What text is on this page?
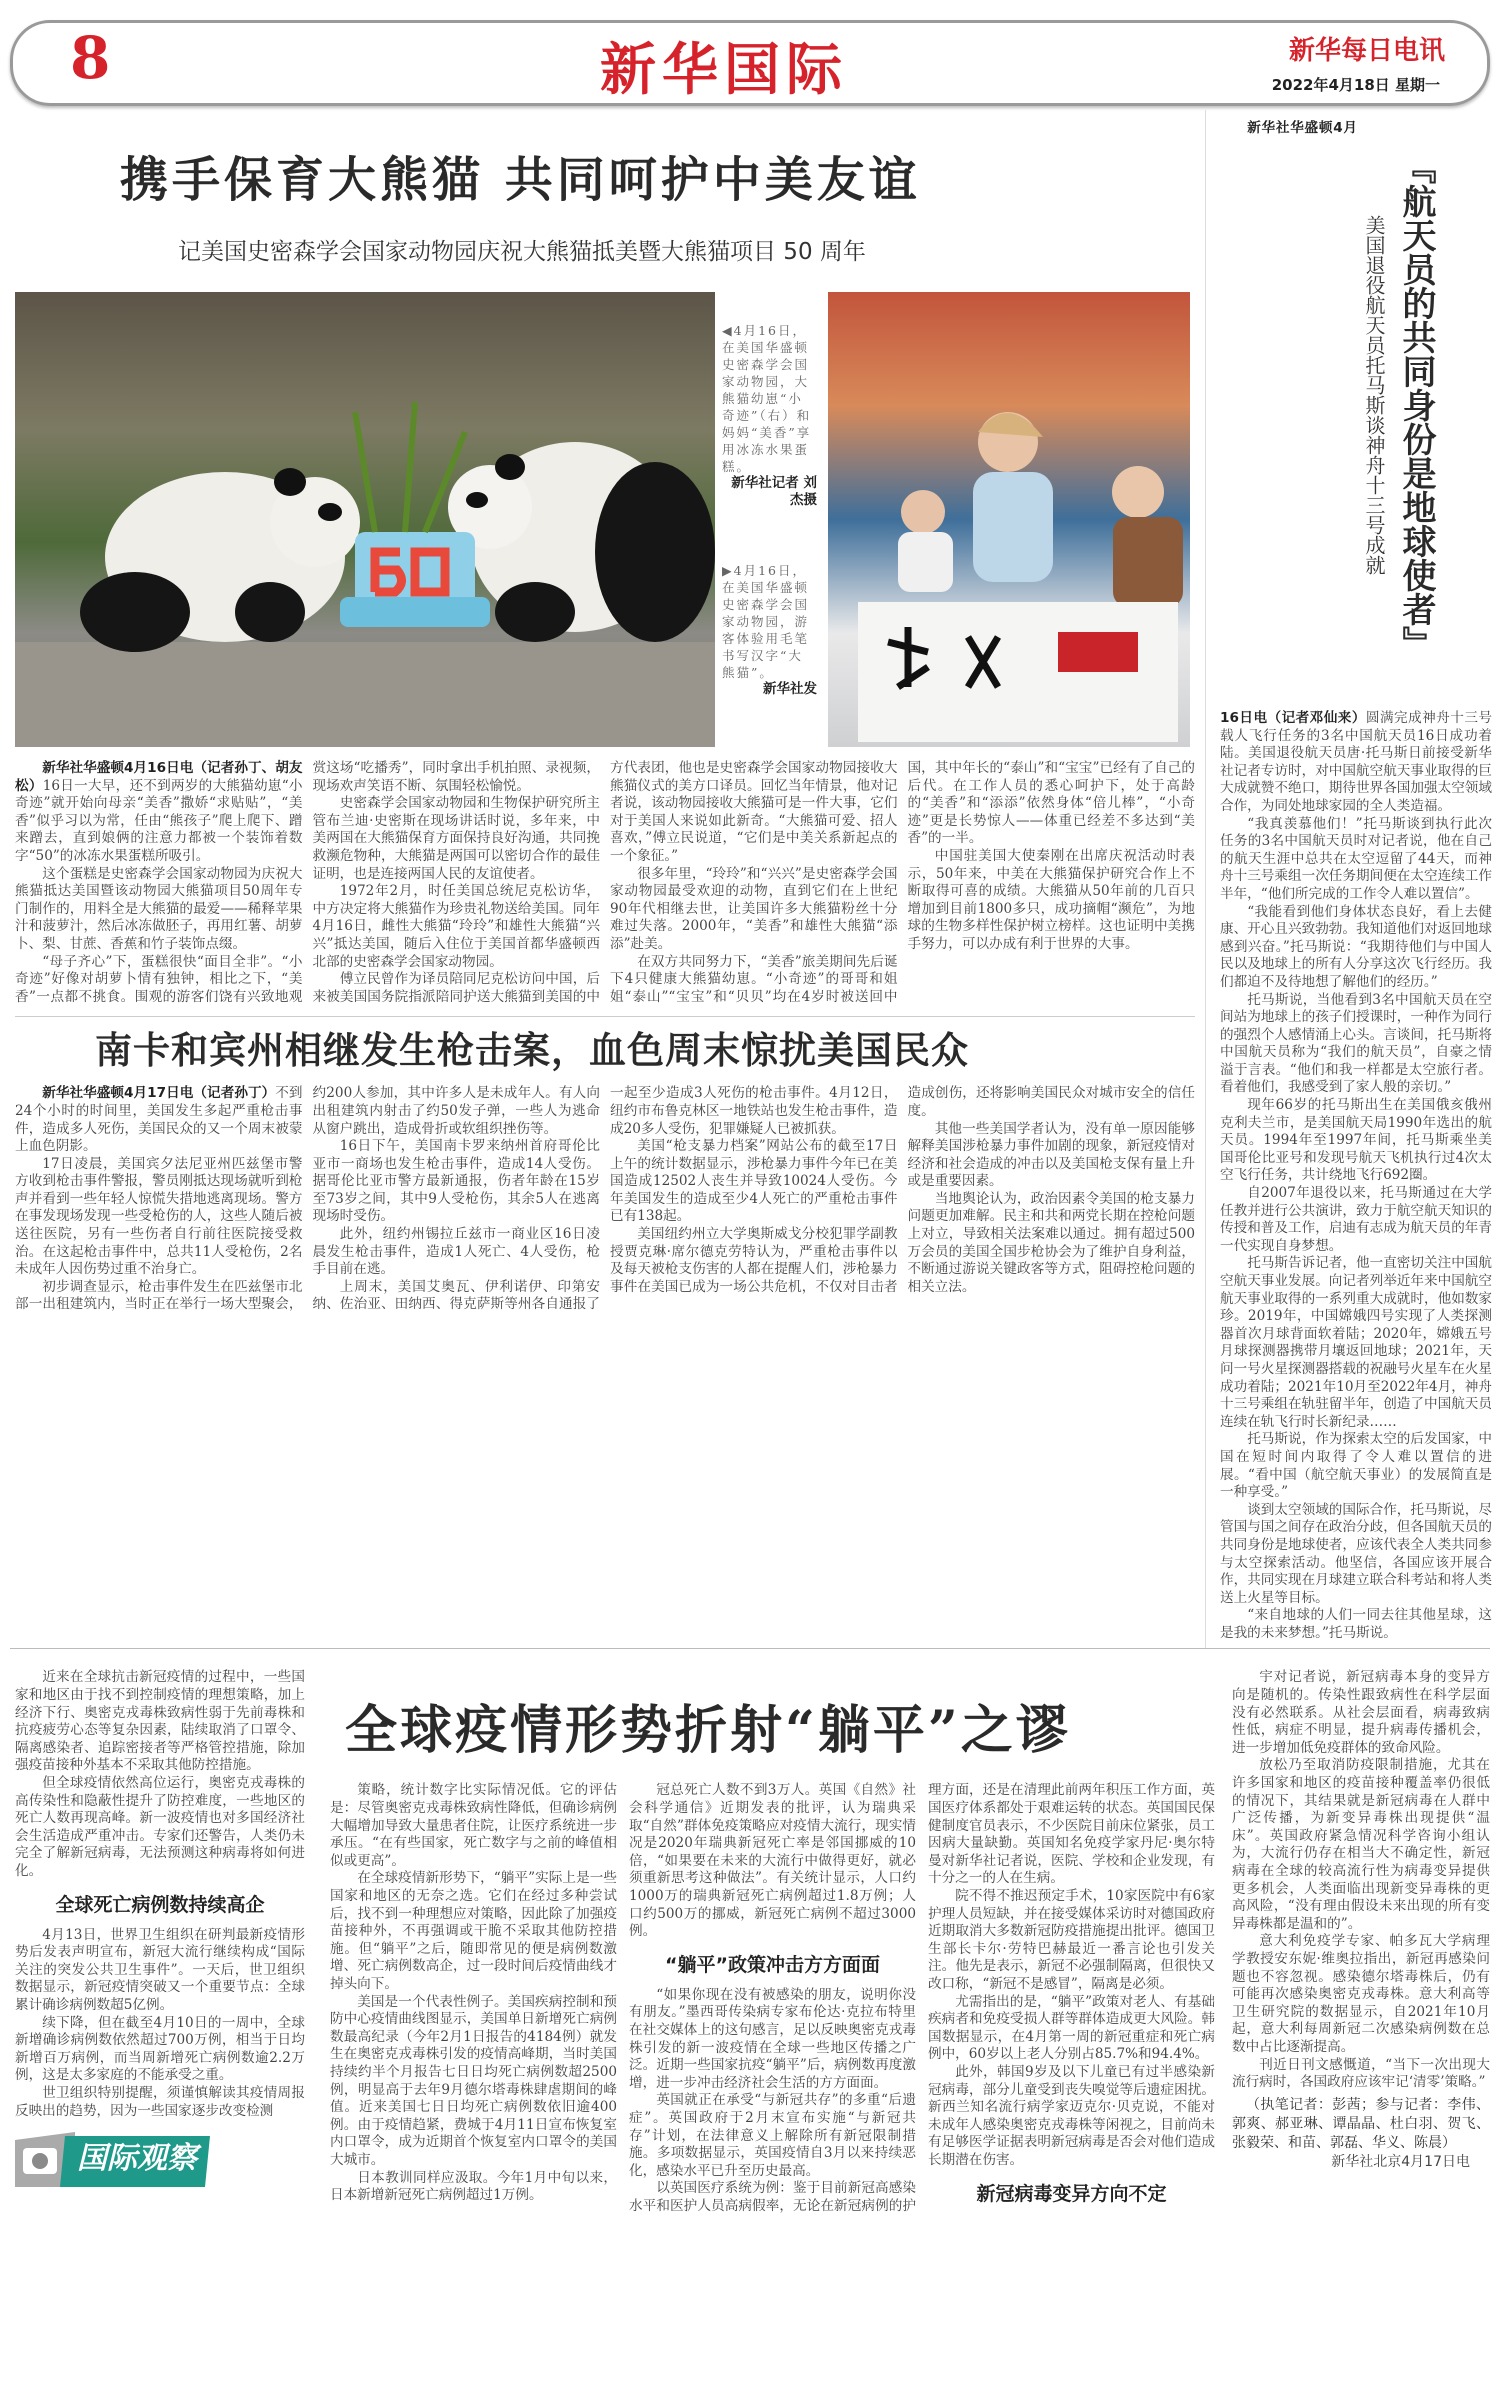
8	新华国际	新华每日电讯
2022年4月18日 星期一
携手保育大熊猫 共同呵护中美友谊
记美国史密森学会国家动物园庆祝大熊猫抵美暨大熊猫项目 50 周年
◀4月16日，在美国华盛顿史密森学会国家动物园，大熊猫幼崽“小奇迹”（右）和妈妈“美香”享用冰冻水果蛋糕。
新华社记者 刘杰摄
▶4月16日，在美国华盛顿史密森学会国家动物园，游客体验用毛笔书写汉字“大熊猫”。
新华社发

新华社华盛顿4月16日电（记者孙丁、胡友松）16日一大早，还不到两岁的大熊猫幼崽“小奇迹”就开始向母亲“美香”撒娇“求贴贴”，“美香”似乎习以为常，任由“熊孩子”爬上爬下、蹭来蹭去，直到娘俩的注意力都被一个装饰着数字“50”的冰冻水果蛋糕所吸引。

这个蛋糕是史密森学会国家动物园为庆祝大熊猫抵达美国暨该动物园大熊猫项目50周年专门制作的，用料全是大熊猫的最爱——稀释苹果汁和菠萝汁，然后冰冻做胚子，再用红薯、胡萝卜、梨、甘蔗、香蕉和竹子装饰点缀。

“母子齐心”下，蛋糕很快“面目全非”。“小奇迹”好像对胡萝卜情有独钟，相比之下，“美香”一点都不挑食。围观的游客们饶有兴致地观赏这场“吃播秀”，同时拿出手机拍照、录视频，现场欢声笑语不断、氛围轻松愉悦。

史密森学会国家动物园和生物保护研究所主管布兰迪·史密斯在现场讲话时说，多年来，中美两国在大熊猫保育方面保持良好沟通，共同挽救濒危物种，大熊猫是两国可以密切合作的最佳证明，也是连接两国人民的友谊使者。

1972年2月，时任美国总统尼克松访华，中方决定将大熊猫作为珍贵礼物送给美国。同年4月16日，雌性大熊猫“玲玲”和雄性大熊猫“兴兴”抵达美国，随后入住位于美国首都华盛顿西北部的史密森学会国家动物园。

傅立民曾作为译员陪同尼克松访问中国，后来被美国国务院指派陪同护送大熊猫到美国的中方代表团，他也是史密森学会国家动物园接收大熊猫仪式的美方口译员。回忆当年情景，他对记者说，该动物园接收大熊猫可是一件大事，它们对于美国人来说如此新奇。“大熊猫可爱、招人喜欢，”傅立民说道，“它们是中美关系新起点的一个象征。”

很多年里，“玲玲”和“兴兴”是史密森学会国家动物园最受欢迎的动物，直到它们在上世纪90年代相继去世，让美国许多大熊猫粉丝十分难过失落。2000年，“美香”和雄性大熊猫“添添”赴美。

在双方共同努力下，“美香”旅美期间先后诞下4只健康大熊猫幼崽。“小奇迹”的哥哥和姐姐“泰山”“宝宝”和“贝贝”均在4岁时被送回中国，其中年长的“泰山”和“宝宝”已经有了自己的后代。在工作人员的悉心呵护下，处于高龄的“美香”和“添添”依然身体“倍儿棒”，“小奇迹”更是长势惊人——体重已经差不多达到“美香”的一半。

中国驻美国大使秦刚在出席庆祝活动时表示，50年来，中美在大熊猫保护研究合作上不断取得可喜的成绩。大熊猫从50年前的几百只增加到目前1800多只，成功摘帽“濒危”，为地球的生物多样性保护树立榜样。这也证明中美携手努力，可以办成有利于世界的大事。

南卡和宾州相继发生枪击案，血色周末惊扰美国民众

新华社华盛顿4月17日电（记者孙丁）不到24个小时的时间里，美国发生多起严重枪击事件，造成多人死伤，美国民众的又一个周末被蒙上血色阴影。

17日凌晨，美国宾夕法尼亚州匹兹堡市警方收到枪击事件警报，警员刚抵达现场就听到枪声并看到一些年轻人惊慌失措地逃离现场。警方在事发现场发现一些受枪伤的人，这些人随后被送往医院，另有一些伤者自行前往医院接受救治。在这起枪击事件中，总共11人受枪伤，2名未成年人因伤势过重不治身亡。

初步调查显示，枪击事件发生在匹兹堡市北部一出租建筑内，当时正在举行一场大型聚会，约200人参加，其中许多人是未成年人。有人向出租建筑内射击了约50发子弹，一些人为逃命从窗户跳出，造成骨折或软组织挫伤等。

16日下午，美国南卡罗来纳州首府哥伦比亚市一商场也发生枪击事件，造成14人受伤。据哥伦比亚市警方最新通报，伤者年龄在15岁至73岁之间，其中9人受枪伤，其余5人在逃离现场时受伤。

此外，纽约州锡拉丘兹市一商业区16日凌晨发生枪击事件，造成1人死亡、4人受伤，枪手目前在逃。

上周末，美国艾奥瓦、伊利诺伊、印第安纳、佐治亚、田纳西、得克萨斯等州各自通报了一起至少造成3人死伤的枪击事件。4月12日，纽约市布鲁克林区一地铁站也发生枪击事件，造成20多人受伤，犯罪嫌疑人已被抓获。

美国“枪支暴力档案”网站公布的截至17日上午的统计数据显示，涉枪暴力事件今年已在美国造成12502人丧生并导致10024人受伤。今年美国发生的造成至少4人死亡的严重枪击事件已有138起。

美国纽约州立大学奥斯威戈分校犯罪学副教授贾克琳·席尔德克劳特认为，严重枪击事件以及每天被枪支伤害的人都在提醒人们，涉枪暴力事件在美国已成为一场公共危机，不仅对目击者造成创伤，还将影响美国民众对城市安全的信任度。

其他一些美国学者认为，没有单一原因能够解释美国涉枪暴力事件加剧的现象，新冠疫情对经济和社会造成的冲击以及美国枪支保有量上升或是重要因素。

当地舆论认为，政治因素令美国的枪支暴力问题更加难解。民主和共和两党长期在控枪问题上对立，导致相关法案难以通过。拥有超过500万会员的美国全国步枪协会为了维护自身利益，不断通过游说关键政客等方式，阻碍控枪问题的相关立法。

『航天员的共同身份是地球使者』
美国退役航天员托马斯谈神舟十三号成就

新华社华盛顿4月16日电（记者邓仙来）圆满完成神舟十三号载人飞行任务的3名中国航天员16日成功着陆。美国退役航天员唐·托马斯日前接受新华社记者专访时，对中国航空航天事业取得的巨大成就赞不绝口，期待世界各国加强太空领域合作，为同处地球家园的全人类造福。

“我真羡慕他们！”托马斯谈到执行此次任务的3名中国航天员时对记者说，他在自己的航天生涯中总共在太空逗留了44天，而神舟十三号乘组一次任务期间便在太空连续工作半年，“他们所完成的工作令人难以置信”。

“我能看到他们身体状态良好，看上去健康、开心且兴致勃勃。我知道他们对返回地球感到兴奋。”托马斯说：“我期待他们与中国人民以及地球上的所有人分享这次飞行经历。我们都迫不及待地想了解他们的经历。”

托马斯说，当他看到3名中国航天员在空间站为地球上的孩子们授课时，一种作为同行的强烈个人感情涌上心头。言谈间，托马斯将中国航天员称为“我们的航天员”，自豪之情溢于言表。“他们和我一样都是太空旅行者。看着他们，我感受到了家人般的亲切。”

现年66岁的托马斯出生在美国俄亥俄州克利夫兰市，是美国航天局1990年选出的航天员。1994年至1997年间，托马斯乘坐美国哥伦比亚号和发现号航天飞机执行过4次太空飞行任务，共计绕地飞行692圈。

自2007年退役以来，托马斯通过在大学任教并进行公共演讲，致力于航空航天知识的传授和普及工作，启迪有志成为航天员的年青一代实现自身梦想。

托马斯告诉记者，他一直密切关注中国航空航天事业发展。向记者列举近年来中国航空航天事业取得的一系列重大成就时，他如数家珍。2019年，中国嫦娥四号实现了人类探测器首次月球背面软着陆；2020年，嫦娥五号月球探测器携带月壤返回地球；2021年，天问一号火星探测器搭载的祝融号火星车在火星成功着陆；2021年10月至2022年4月，神舟十三号乘组在轨驻留半年，创造了中国航天员连续在轨飞行时长新纪录……

托马斯说，作为探索太空的后发国家，中国在短时间内取得了令人难以置信的进展。“看中国（航空航天事业）的发展简直是一种享受。”

谈到太空领域的国际合作，托马斯说，尽管国与国之间存在政治分歧，但各国航天员的共同身份是地球使者，应该代表全人类共同参与太空探索活动。他坚信，各国应该开展合作，共同实现在月球建立联合科考站和将人类送上火星等目标。

“来自地球的人们一同去往其他星球，这是我的未来梦想。”托马斯说。

全球疫情形势折射“躺平”之谬

近来在全球抗击新冠疫情的过程中，一些国家和地区由于找不到控制疫情的理想策略，加上经济下行、奥密克戎毒株致病性弱于先前毒株和抗疫疲劳心态等复杂因素，陆续取消了口罩令、隔离感染者、追踪密接者等严格管控措施，除加强疫苗接种外基本不采取其他防控措施。

但全球疫情依然高位运行，奥密克戎毒株的高传染性和隐蔽性提升了防控难度，一些地区的死亡人数再现高峰。新一波疫情也对多国经济社会生活造成严重冲击。专家们还警告，人类仍未完全了解新冠病毒，无法预测这种病毒将如何进化。

全球死亡病例数持续高企

4月13日，世界卫生组织在研判最新疫情形势后发表声明宣布，新冠大流行继续构成“国际关注的突发公共卫生事件”。一天后，世卫组织数据显示，新冠疫情突破又一个重要节点：全球累计确诊病例数超5亿例。

续下降，但在截至4月10日的一周中，全球新增确诊病例数依然超过700万例，相当于日均新增百万病例，而当周新增死亡病例数逾2.2万例，这是太多家庭的不能承受之重。

世卫组织特别提醒，须谨慎解读其疫情周报反映出的趋势，因为一些国家逐步改变检测

国际观察

策略，统计数字比实际情况低。它的评估是：尽管奥密克戎毒株致病性降低，但确诊病例大幅增加导致大量患者住院，让医疗系统进一步承压。“在有些国家，死亡数字与之前的峰值相似或更高”。

在全球疫情新形势下，“躺平”实际上是一些国家和地区的无奈之选。它们在经过多种尝试后，找不到一种理想应对策略，因此除了加强疫苗接种外，不再强调或干脆不采取其他防控措施。但“躺平”之后，随即常见的便是病例数激增、死亡病例数高企，过一段时间后疫情曲线才掉头向下。

美国是一个代表性例子。美国疾病控制和预防中心疫情曲线图显示，美国单日新增死亡病例数最高纪录（今年2月1日报告的4184例）就发生在奥密克戎毒株引发的疫情高峰期，当时美国持续约半个月报告七日日均死亡病例数超2500例，明显高于去年9月德尔塔毒株肆虐期间的峰值。近来美国七日日均死亡病例数依旧逾400例。由于疫情趋紧，费城于4月11日宣布恢复室内口罩令，成为近期首个恢复室内口罩令的美国大城市。

日本教训同样应汲取。今年1月中旬以来，日本新增新冠死亡病例超过1万例。

冠总死亡人数不到3万人。英国《自然》社会科学通信》近期发表的批评，认为瑞典采取“自然”群体免疫策略应对疫情大流行，现实情况是2020年瑞典新冠死亡率是邻国挪威的10倍，“如果要在未来的大流行中做得更好，就必须重新思考这种做法”。有关统计显示，人口约1000万的瑞典新冠死亡病例超过1.8万例；人口约500万的挪威，新冠死亡病例不超过3000例。

“躺平”政策冲击方方面面

“如果你现在没有被感染的朋友，说明你没有朋友。”墨西哥传染病专家布伦达·克拉布特里在社交媒体上的这句感言，足以反映奥密克戎毒株引发的新一波疫情在全球一些地区传播之广泛。近期一些国家抗疫“躺平”后，病例数再度激增，进一步冲击经济社会生活的方方面面。

英国就正在承受“与新冠共存”的多重“后遗症”。英国政府于2月末宣布实施“与新冠共存”计划，在法律意义上解除所有新冠限制措施。多项数据显示，英国疫情自3月以来持续恶化，感染水平已升至历史最高。

以英国医疗系统为例：鉴于目前新冠高感染水平和医护人员高病假率，无论在新冠病例的护理方面，还是在清理此前两年积压工作方面，英国医疗体系都处于艰难运转的状态。英国国民保健制度官员表示，不少医院目前床位紧张，员工因病大量缺勤。英国知名免疫学家丹尼·奥尔特曼对新华社记者说，医院、学校和企业发现，有十分之一的人在生病。

院不得不推迟预定手术，10家医院中有6家护理人员短缺，并在接受媒体采访时对德国政府近期取消大多数新冠防疫措施提出批评。德国卫生部长卡尔·劳特巴赫最近一番言论也引发关注。他先是表示，新冠不必强制隔离，但很快又改口称，“新冠不是感冒”，隔离是必须。

尤需指出的是，“躺平”政策对老人、有基础疾病者和免疫受损人群等群体造成更大风险。韩国数据显示，在4月第一周的新冠重症和死亡病例中，60岁以上老人分别占85.7%和94.4%。

此外，韩国9岁及以下儿童已有过半感染新冠病毒，部分儿童受到丧失嗅觉等后遗症困扰。新西兰知名流行病学家迈克尔·贝克说，不能对未成年人感染奥密克戎毒株等闲视之，目前尚未有足够医学证据表明新冠病毒是否会对他们造成长期潜在伤害。

新冠病毒变异方向不定

宇对记者说，新冠病毒本身的变异方向是随机的。传染性跟致病性在科学层面没有必然联系。从社会层面看，病毒致病性低，病症不明显，提升病毒传播机会，进一步增加低免疫群体的致命风险。

放松乃至取消防疫限制措施，尤其在许多国家和地区的疫苗接种覆盖率仍很低的情况下，其结果就是新冠病毒在人群中广泛传播，为新变异毒株出现提供“温床”。英国政府紧急情况科学咨询小组认为，大流行仍存在相当大不确定性，新冠病毒在全球的较高流行性为病毒变异提供更多机会，人类面临出现新变异毒株的更高风险，“没有理由假设未来出现的所有变异毒株都是温和的”。

意大利免疫学专家、帕多瓦大学病理学教授安东妮·维奥拉指出，新冠再感染问题也不容忽视。感染德尔塔毒株后，仍有可能再次感染奥密克戎毒株。意大利高等卫生研究院的数据显示，自2021年10月起，意大利每周新冠二次感染病例数在总数中占比逐渐提高。

刊近日刊文感慨道，“当下一次出现大流行病时，各国政府应该牢记‘清零’策略。”

（执笔记者：彭茜；参与记者：李伟、郭爽、郝亚琳、谭晶晶、杜白羽、贺飞、张毅荣、和苗、郭磊、华义、陈晨）
新华社北京4月17日电
